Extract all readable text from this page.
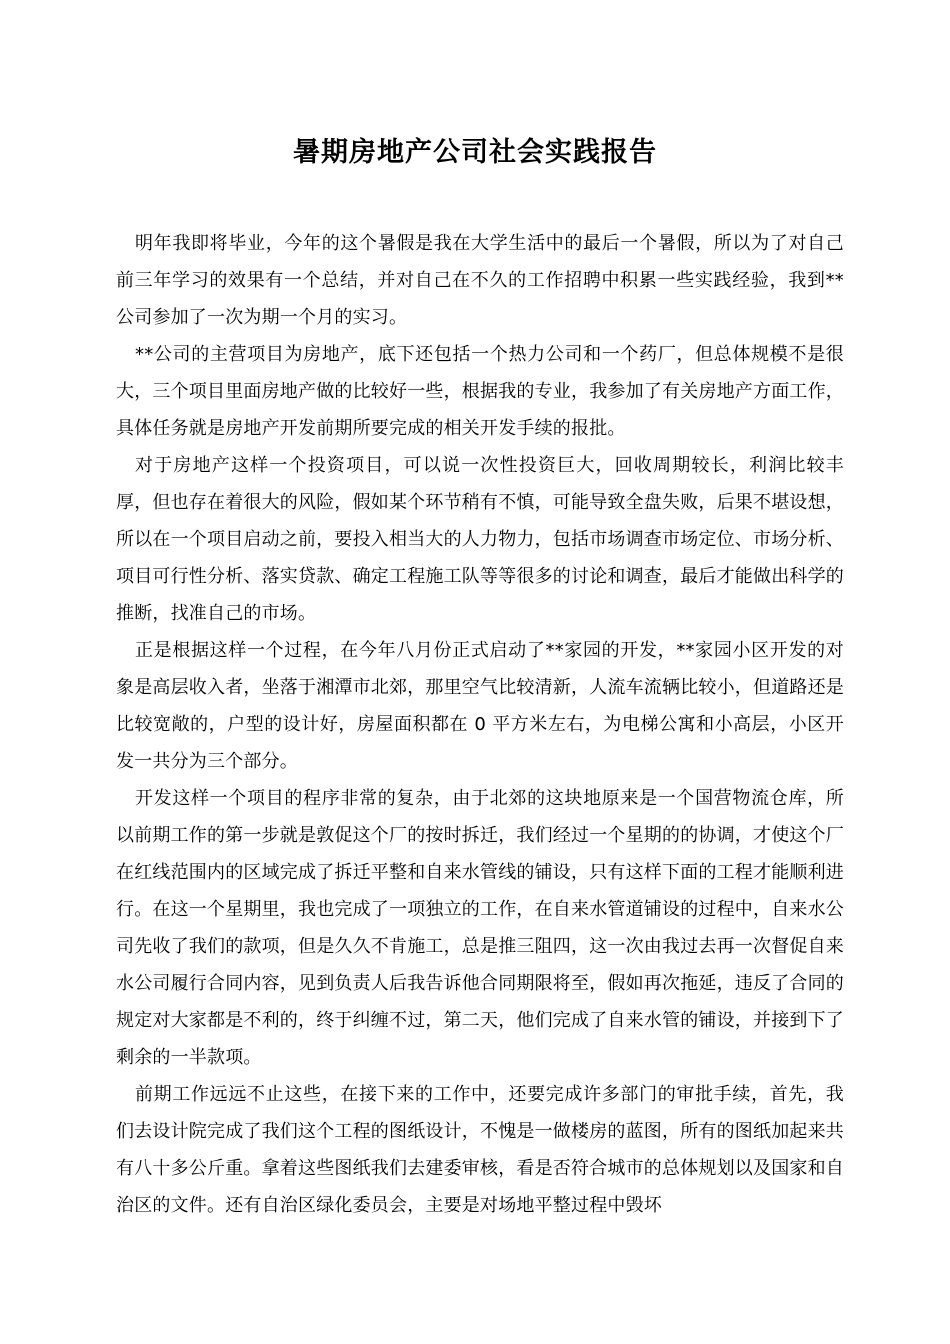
暑期房地产公司社会实践报告

明年我即将毕业，今年的这个暑假是我在大学生活中的最后一个暑假，所以为了对自己前三年学习的效果有一个总结，并对自己在不久的工作招聘中积累一些实践经验，我到**公司参加了一次为期一个月的实习。

**公司的主营项目为房地产，底下还包括一个热力公司和一个药厂，但总体规模不是很大，三个项目里面房地产做的比较好一些，根据我的专业，我参加了有关房地产方面工作，具体任务就是房地产开发前期所要完成的相关开发手续的报批。

对于房地产这样一个投资项目，可以说一次性投资巨大，回收周期较长，利润比较丰厚，但也存在着很大的风险，假如某个环节稍有不慎，可能导致全盘失败，后果不堪设想，所以在一个项目启动之前，要投入相当大的人力物力，包括市场调查市场定位、市场分析、项目可行性分析、落实贷款、确定工程施工队等等很多的讨论和调查，最后才能做出科学的推断，找准自己的市场。

正是根据这样一个过程，在今年八月份正式启动了**家园的开发，**家园小区开发的对象是高层收入者，坐落于湘潭市北郊，那里空气比较清新，人流车流辆比较小，但道路还是比较宽敞的，户型的设计好，房屋面积都在 0 平方米左右，为电梯公寓和小高层，小区开发一共分为三个部分。

开发这样一个项目的程序非常的复杂，由于北郊的这块地原来是一个国营物流仓库，所以前期工作的第一步就是敦促这个厂的按时拆迁，我们经过一个星期的的协调，才使这个厂在红线范围内的区域完成了拆迁平整和自来水管线的铺设，只有这样下面的工程才能顺利进行。在这一个星期里，我也完成了一项独立的工作，在自来水管道铺设的过程中，自来水公司先收了我们的款项，但是久久不肯施工，总是推三阻四，这一次由我过去再一次督促自来水公司履行合同内容，见到负责人后我告诉他合同期限将至，假如再次拖延，违反了合同的规定对大家都是不利的，终于纠缠不过，第二天，他们完成了自来水管的铺设，并接到下了剩余的一半款项。

前期工作远远不止这些，在接下来的工作中，还要完成许多部门的审批手续，首先，我们去设计院完成了我们这个工程的图纸设计，不愧是一做楼房的蓝图，所有的图纸加起来共有八十多公斤重。拿着这些图纸我们去建委审核，看是否符合城市的总体规划以及国家和自治区的文件。还有自治区绿化委员会，主要是对场地平整过程中毁坏
